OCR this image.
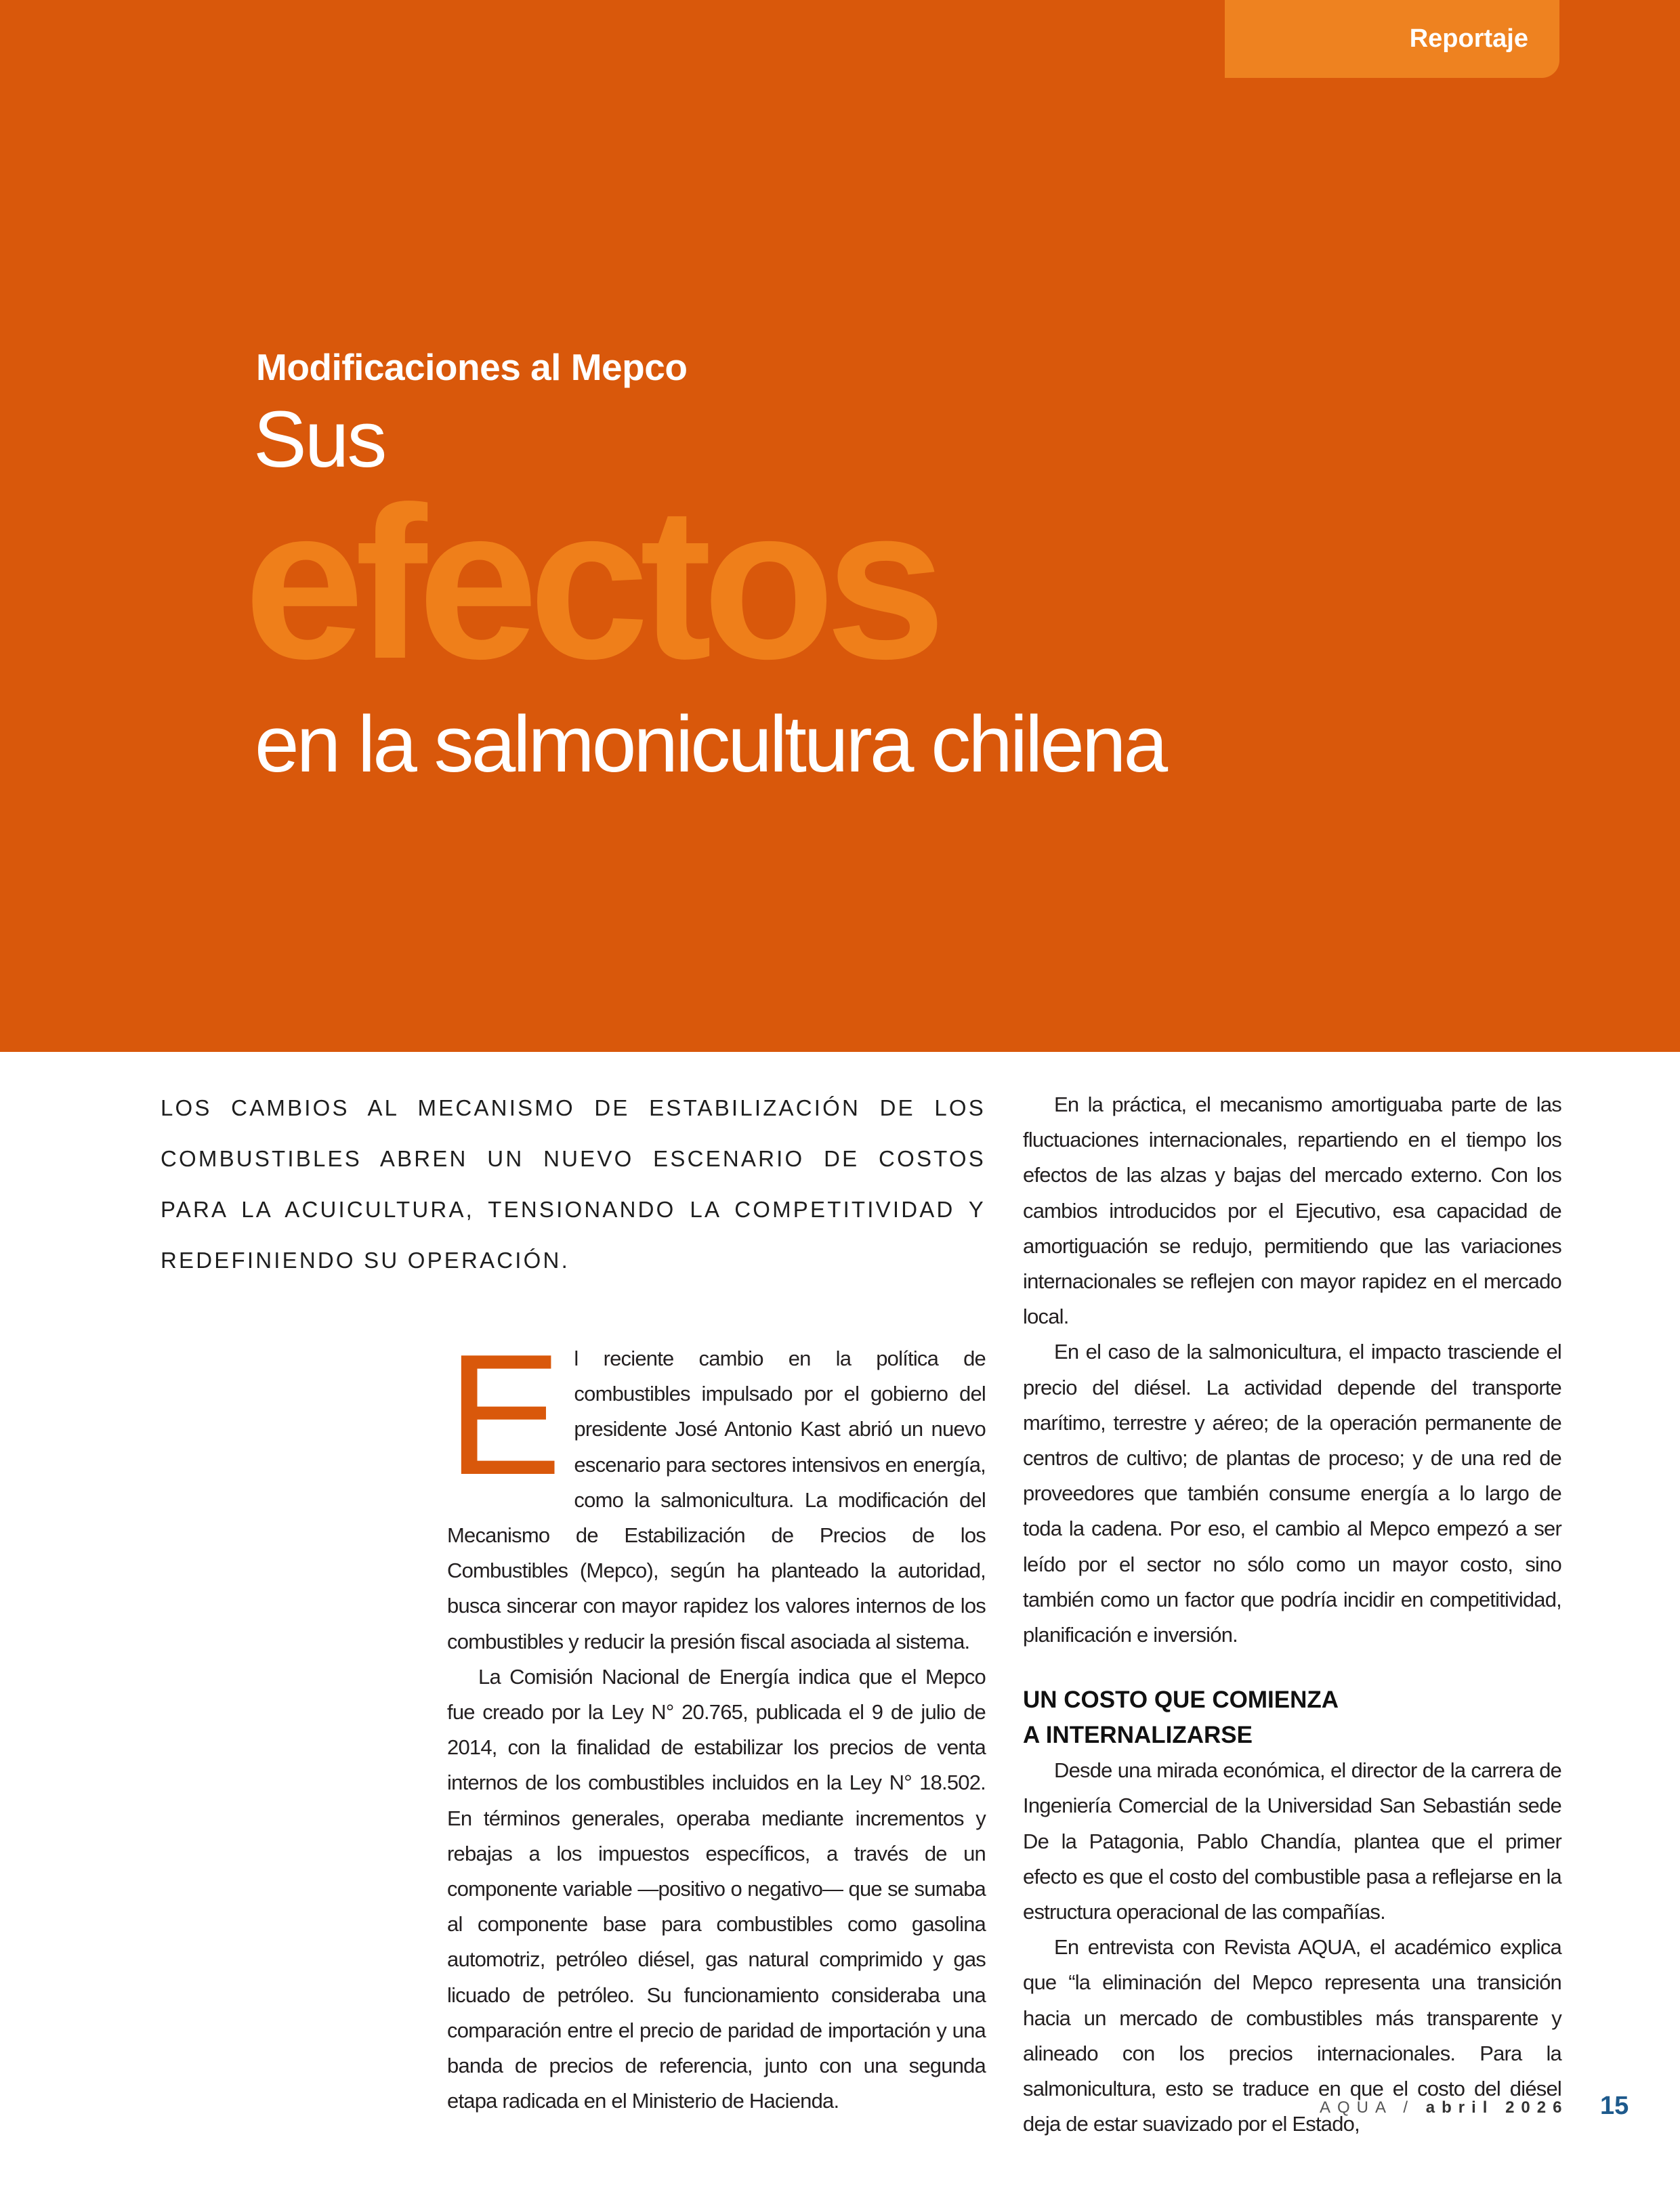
Reportaje
Modificaciones al Mepco
Sus
efectos
en la salmonicultura chilena
LOS CAMBIOS AL MECANISMO DE ESTABILIZACIÓN DE LOS COMBUSTIBLES ABREN UN NUEVO ESCENARIO DE COSTOS PARA LA ACUICULTURA, TENSIONANDO LA COMPETITIVIDAD Y REDEFINIENDO SU OPERACIÓN.
E l reciente cambio en la política de combustibles impulsado por el gobierno del presidente José Antonio Kast abrió un nuevo escenario para sectores intensivos en energía, como la salmonicultura. La modificación del Mecanismo de Estabilización de Precios de los Combustibles (Mepco), según ha planteado la autoridad, busca sincerar con mayor rapidez los valores internos de los combustibles y reducir la presión fiscal asociada al sistema.

La Comisión Nacional de Energía indica que el Mepco fue creado por la Ley N° 20.765, publicada el 9 de julio de 2014, con la finalidad de estabilizar los precios de venta internos de los combustibles incluidos en la Ley N° 18.502. En términos generales, operaba mediante incrementos y rebajas a los impuestos específicos, a través de un componente variable —positivo o negativo— que se sumaba al componente base para combustibles como gasolina automotriz, petróleo diésel, gas natural comprimido y gas licuado de petróleo. Su funcionamiento consideraba una comparación entre el precio de paridad de importación y una banda de precios de referencia, junto con una segunda etapa radicada en el Ministerio de Hacienda.

En la práctica, el mecanismo amortiguaba parte de las fluctuaciones internacionales, repartiendo en el tiempo los efectos de las alzas y bajas del mercado externo. Con los cambios introducidos por el Ejecutivo, esa capacidad de amortiguación se redujo, permitiendo que las variaciones internacionales se reflejen con mayor rapidez en el mercado local.

En el caso de la salmonicultura, el impacto trasciende el precio del diésel. La actividad depende del transporte marítimo, terrestre y aéreo; de la operación permanente de centros de cultivo; de plantas de proceso; y de una red de proveedores que también consume energía a lo largo de toda la cadena. Por eso, el cambio al Mepco empezó a ser leído por el sector no sólo como un mayor costo, sino también como un factor que podría incidir en competitividad, planificación e inversión.

UN COSTO QUE COMIENZA
A INTERNALIZARSE

Desde una mirada económica, el director de la carrera de Ingeniería Comercial de la Universidad San Sebastián sede De la Patagonia, Pablo Chandía, plantea que el primer efecto es que el costo del combustible pasa a reflejarse en la estructura operacional de las compañías.

En entrevista con Revista AQUA, el académico explica que “la eliminación del Mepco representa una transición hacia un mercado de combustibles más transparente y alineado con los precios internacionales. Para la salmonicultura, esto se traduce en que el costo del diésel deja de estar suavizado por el Estado,

AQUA / abril 2026 15
